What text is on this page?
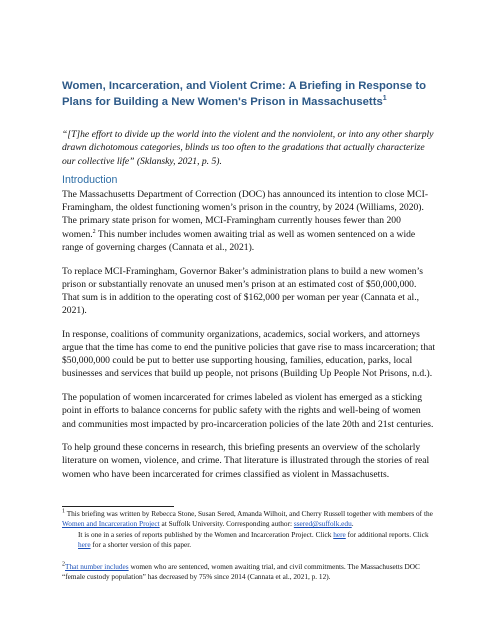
Women, Incarceration, and Violent Crime: A Briefing in Response to Plans for Building a New Women's Prison in Massachusetts$^1$

“[T]he effort to divide up the world into the violent and the nonviolent, or into any other sharply drawn dichotomous categories, blinds us too often to the gradations that actually characterize our collective life” (Sklansky, 2021, p. 5).

Introduction

The Massachusetts Department of Correction (DOC) has announced its intention to close MCI-Framingham, the oldest functioning women’s prison in the country, by 2024 (Williams, 2020). The primary state prison for women, MCI-Framingham currently houses fewer than 200 women.$^2$ This number includes women awaiting trial as well as women sentenced on a wide range of governing charges (Cannata et al., 2021).

To replace MCI-Framingham, Governor Baker’s administration plans to build a new women’s prison or substantially renovate an unused men’s prison at an estimated cost of $50,000,000. That sum is in addition to the operating cost of $162,000 per woman per year (Cannata et al., 2021).

In response, coalitions of community organizations, academics, social workers, and attorneys argue that the time has come to end the punitive policies that gave rise to mass incarceration; that $50,000,000 could be put to better use supporting housing, families, education, parks, local businesses and services that build up people, not prisons (Building Up People Not Prisons, n.d.).

The population of women incarcerated for crimes labeled as violent has emerged as a sticking point in efforts to balance concerns for public safety with the rights and well-being of women and communities most impacted by pro-incarceration policies of the late 20th and 21st centuries.

To help ground these concerns in research, this briefing presents an overview of the scholarly literature on women, violence, and crime. That literature is illustrated through the stories of real women who have been incarcerated for crimes classified as violent in Massachusetts.

$^1$ This briefing was written by Rebecca Stone, Susan Sered, Amanda Wilhoit, and Cherry Russell together with members of the Women and Incarceration Project at Suffolk University. Corresponding author: ssered@suffolk.edu.
It is one in a series of reports published by the Women and Incarceration Project. Click here for additional reports. Click here for a shorter version of this paper.
$^2$That number includes women who are sentenced, women awaiting trial, and civil commitments. The Massachusetts DOC “female custody population” has decreased by 75% since 2014 (Cannata et al., 2021, p. 12).
